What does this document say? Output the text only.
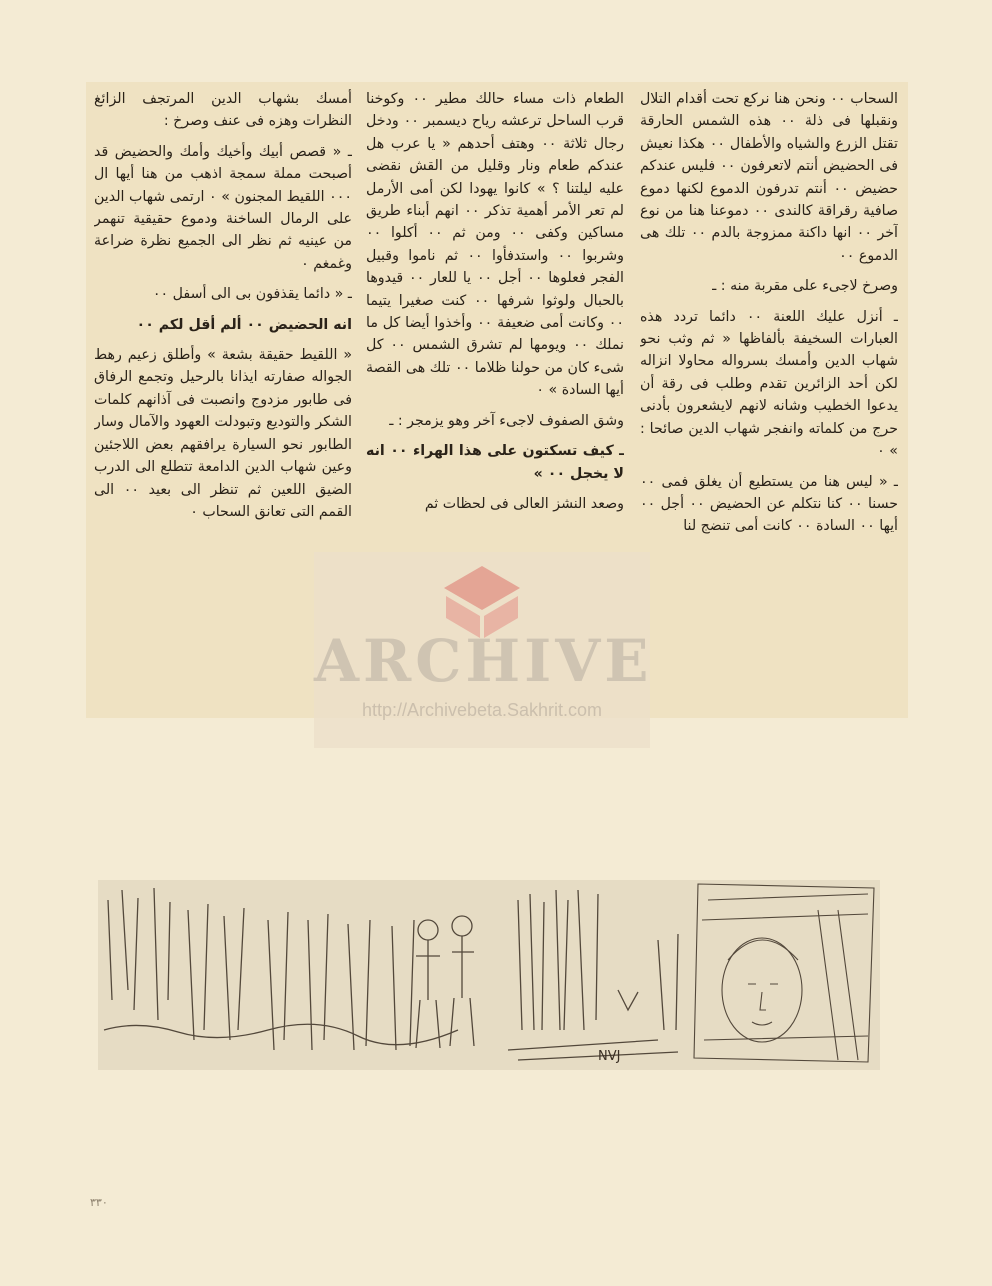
السحاب ٠٠ ونحن هنا نركع تحت أقدام التلال ونقبلها فى ذلة ٠٠ هذه الشمس الحارقة تقتل الزرع والشياه والأطفال ٠٠ هكذا نعيش فى الحضيض أنتم لاتعرفون ٠٠ فليس عندكم حضيض ٠٠ أنتم تدرفون الدموع لكنها دموع صافية رقراقة كالندى ٠٠ دموعنا هنا من نوع آخر ٠٠ انها داكنة ممزوجة بالدم ٠٠ تلك هى الدموع ٠٠

وصرخ لاجىء على مقربة منه : ـ

ـ أنزل عليك اللعنة ٠٠ دائما تردد هذه العبارات السخيفة بألفاظها « ثم وثب نحو شهاب الدين وأمسك بسرواله محاولا انزاله لكن أحد الزائرين تقدم وطلب فى رقة أن يدعوا الخطيب وشانه لانهم لايشعرون بأدنى حرج من كلماته وانفجر شهاب الدين صائحا : » ٠

ـ « ليس هنا من يستطيع أن يغلق فمى ٠٠ حسنا ٠٠ كنا نتكلم عن الحضيض ٠٠ أجل ٠٠ أيها ٠٠ السادة ٠٠ كانت أمى تنضج لنا

الطعام ذات مساء حالك مطير ٠٠ وكوخنا قرب الساحل ترعشه رياح ديسمبر ٠٠ ودخل رجال ثلاثة ٠٠ وهتف أحدهم « يا عرب هل عندكم طعام ونار وقليل من القش نقضى عليه ليلتنا ؟ » كانوا يهودا لكن أمى الأرمل لم تعر الأمر أهمية تذكر ٠٠ انهم أبناء طريق مساكين وكفى ٠٠ ومن ثم ٠٠ أكلوا ٠٠ وشربوا ٠٠ واستدفأوا ٠٠ ثم ناموا وقبيل الفجر فعلوها ٠٠ أجل ٠٠ يا للعار ٠٠ قيدوها بالحبال ولوثوا شرفها ٠٠ كنت صغيرا يتيما ٠٠ وكانت أمى ضعيفة ٠٠ وأخذوا أيضا كل ما نملك ٠٠ ويومها لم تشرق الشمس ٠٠ كل شىء كان من حولنا ظلاما ٠٠ تلك هى القصة أيها السادة » ٠

وشق الصفوف لاجىء آخر وهو يزمجر : ـ

ـ كيف تسكتون على هذا الهراء ٠٠ انه لا يخجل ٠٠ »

وصعد النشز العالى فى لحظات ثم

أمسك بشهاب الدين المرتجف الزائغ النظرات وهزه فى عنف وصرخ :

ـ « قصص أبيك وأخيك وأمك والحضيض قد أصبحت مملة سمجة اذهب من هنا أيها ال ٠٠٠ اللقيط المجنون » ٠ ارتمى شهاب الدين على الرمال الساخنة ودموع حقيقية تنهمر من عينيه ثم نظر الى الجميع نظرة ضراعة وغمغم ٠

ـ « دائما يقذفون بى الى أسفل ٠٠

انه الحضيض ٠٠ ألم أقل لكم ٠٠

« اللقيط حقيقة بشعة » وأطلق زعيم رهط الجواله صفارته ايذانا بالرحيل وتجمع الرفاق فى طابور مزدوج وانصبت فى آذانهم كلمات الشكر والتوديع وتبودلت العهود والآمال وسار الطابور نحو السيارة يرافقهم بعض اللاجئين وعين شهاب الدين الدامعة تتطلع الى الدرب الضيق اللعين ثم تنظر الى بعيد ٠٠ الى القمم التى تعانق السحاب ٠

ARCHIVE
http://Archivebeta.Sakhrit.com
NVJ
٣٣٠
